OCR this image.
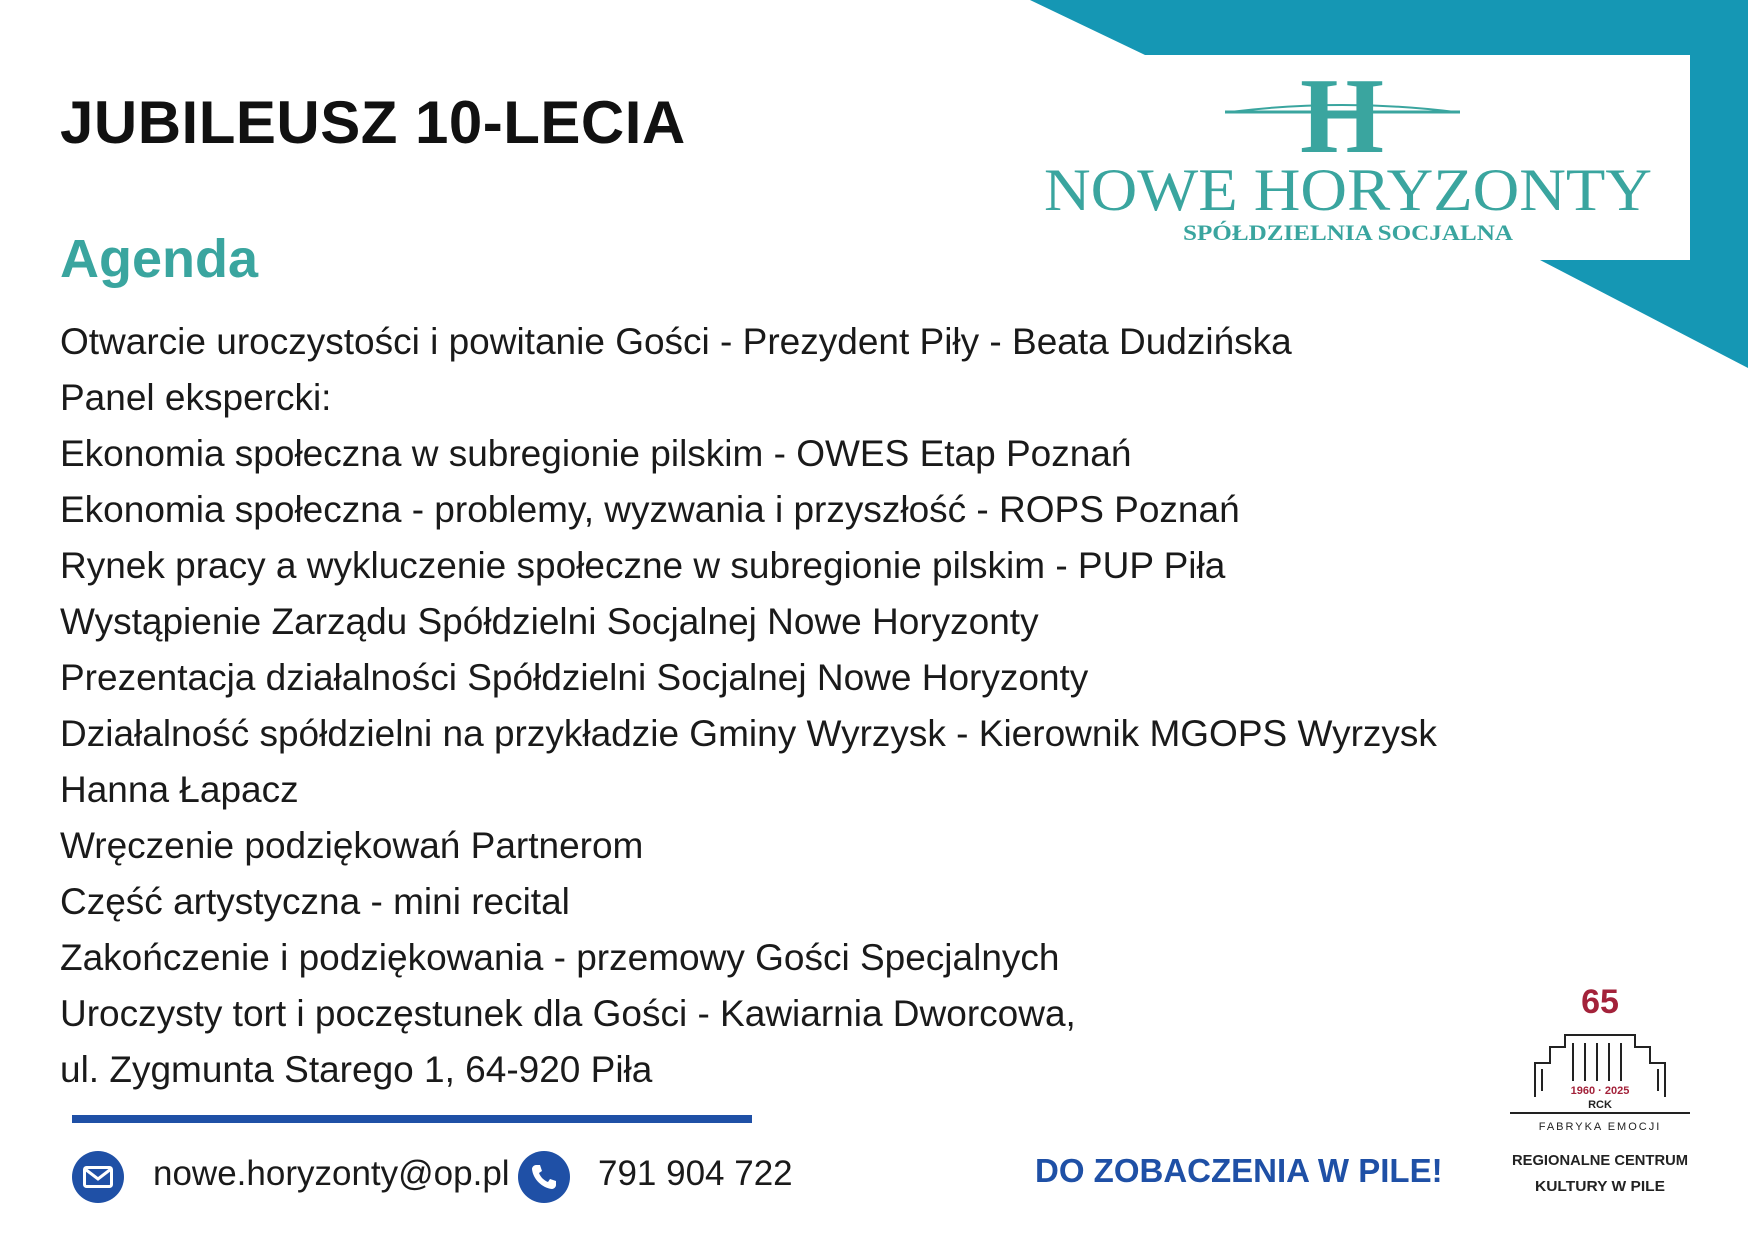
H
NOWE HORYZONTY
SPÓŁDZIELNIA SOCJALNA
JUBILEUSZ 10-LECIA
Agenda
Otwarcie uroczystości i powitanie Gości - Prezydent Piły - Beata Dudzińska
Panel ekspercki:
Ekonomia społeczna w subregionie pilskim - OWES Etap Poznań
Ekonomia społeczna - problemy, wyzwania i przyszłość - ROPS Poznań
Rynek pracy a wykluczenie społeczne w subregionie pilskim - PUP Piła
Wystąpienie Zarządu Spółdzielni Socjalnej Nowe Horyzonty
Prezentacja działalności Spółdzielni Socjalnej Nowe Horyzonty
Działalność spółdzielni na przykładzie Gminy Wyrzysk - Kierownik MGOPS Wyrzysk
Hanna Łapacz
Wręczenie podziękowań Partnerom
Część artystyczna - mini recital
Zakończenie i podziękowania - przemowy Gości Specjalnych
Uroczysty tort i poczęstunek dla Gości - Kawiarnia Dworcowa,
ul. Zygmunta Starego 1, 64-920 Piła
nowe.horyzonty@op.pl	791 904 722	DO ZOBACZENIA W PILE!

65
1960 · 2025
RCK
FABRYKA EMOCJI
REGIONALNE CENTRUM
KULTURY W PILE
